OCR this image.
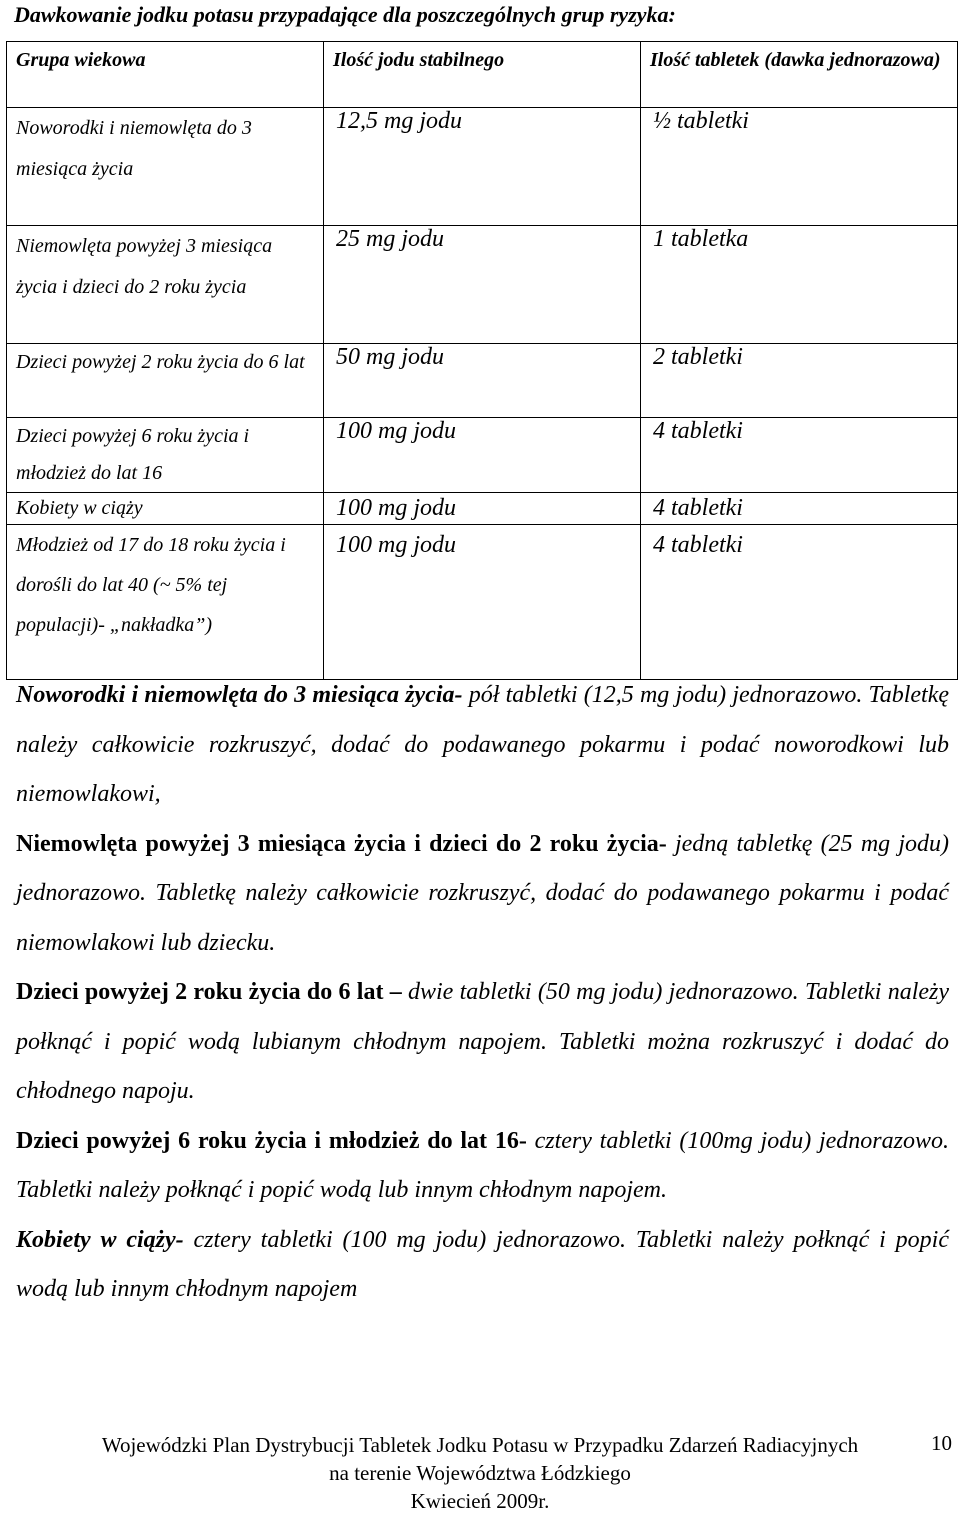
Dawkowanie jodku potasu przypadające dla poszczególnych grup ryzyka:
Grupa wiekowa	Ilość jodu stabilnego	Ilość tabletek (dawka jednorazowa)
Noworodki i niemowlęta do 3 miesiąca życia	12,5 mg jodu	½ tabletki
Niemowlęta powyżej 3 miesiąca życia i dzieci do 2 roku życia	25 mg jodu	1 tabletka
Dzieci powyżej 2 roku życia do 6 lat	50 mg jodu	2 tabletki
Dzieci powyżej 6 roku życia i młodzież do lat 16	100 mg jodu	4 tabletki
Kobiety w ciąży	100 mg jodu	4 tabletki
Młodzież od 17 do 18 roku życia i dorośli do lat 40 (~ 5% tej populacji)- „nakładka”)	100 mg jodu	4 tabletki
Noworodki i niemowlęta do 3 miesiąca życia- pół tabletki (12,5 mg jodu) jednorazowo. Tabletkę należy całkowicie rozkruszyć, dodać do podawanego pokarmu i podać noworodkowi lub niemowlakowi,
Niemowlęta powyżej 3 miesiąca życia i dzieci do 2 roku życia- jedną tabletkę (25 mg jodu) jednorazowo. Tabletkę należy całkowicie rozkruszyć, dodać do podawanego pokarmu i podać niemowlakowi lub dziecku.
Dzieci powyżej 2 roku życia do 6 lat – dwie tabletki (50 mg jodu) jednorazowo. Tabletki należy połknąć i popić wodą lubianym chłodnym napojem. Tabletki można rozkruszyć i dodać do chłodnego napoju.
Dzieci powyżej 6 roku życia i młodzież do lat 16- cztery tabletki (100mg jodu) jednorazowo. Tabletki należy połknąć i popić wodą lub innym chłodnym napojem.
Kobiety w ciąży- cztery tabletki (100 mg jodu) jednorazowo. Tabletki należy połknąć i popić wodą lub innym chłodnym napojem
Wojewódzki Plan Dystrybucji Tabletek Jodku Potasu w Przypadku Zdarzeń Radiacyjnych
na terenie Województwa Łódzkiego
Kwiecień 2009r.
10
